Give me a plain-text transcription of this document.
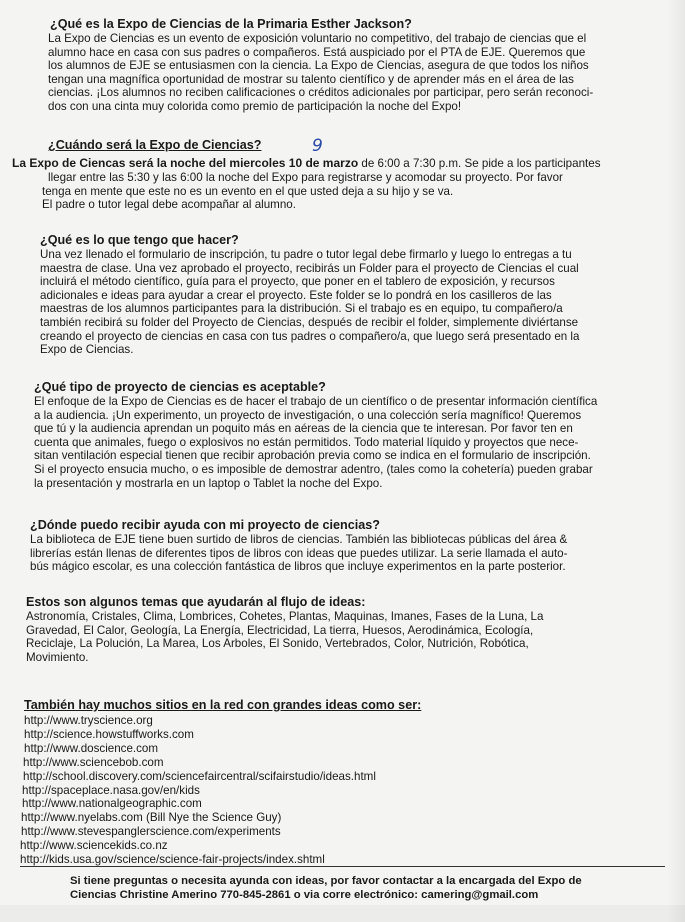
¿Qué es la Expo de Ciencias de la Primaria Esther Jackson?

La Expo de Ciencias es un evento de exposición voluntario no competitivo, del trabajo de ciencias que el

alumno hace en casa con sus padres o compañeros. Está auspiciado por el PTA de EJE. Queremos que

los alumnos de EJE se entusiasmen con la ciencia. La Expo de Ciencias, asegura de que todos los niños

tengan una magnífica oportunidad de mostrar su talento científico y de aprender más en el área de las

ciencias. ¡Los alumnos no reciben calificaciones o créditos adicionales por participar, pero serán reconoci-

dos con una cinta muy colorida como premio de participación la noche del Expo!

¿Cuándo será la Expo de Ciencias?	9
La Expo de Ciencas será la noche del miercoles 10 de marzo de 6:00 a 7:30 p.m. Se pide a los participantes

llegar entre las 5:30 y las 6:00 la noche del Expo para registrarse y acomodar su proyecto. Por favor

tenga en mente que este no es un evento en el que usted deja a su hijo y se va.

El padre o tutor legal debe acompañar al alumno.

¿Qué es lo que tengo que hacer?

Una vez llenado el formulario de inscripción, tu padre o tutor legal debe firmarlo y luego lo entregas a tu

maestra de clase. Una vez aprobado el proyecto, recibirás un Folder para el proyecto de Ciencias el cual

incluirá el método científico, guía para el proyecto, que poner en el tablero de exposición, y recursos

adicionales e ideas para ayudar a crear el proyecto. Este folder se lo pondrá en los casilleros de las

maestras de los alumnos participantes para la distribución. Si el trabajo es en equipo, tu compañero/a

también recibirá su folder del Proyecto de Ciencias, después de recibir el folder, simplemente diviértanse

creando el proyecto de ciencias en casa con tus padres o compañero/a, que luego será presentado en la

Expo de Ciencias.

¿Qué tipo de proyecto de ciencias es aceptable?

El enfoque de la Expo de Ciencias es de hacer el trabajo de un científico o de presentar información científica

a la audiencia. ¡Un experimento, un proyecto de investigación, o una colección sería magnífico! Queremos

que tú y la audiencia aprendan un poquito más en aéreas de la ciencia que te interesan. Por favor ten en

cuenta que animales, fuego o explosivos no están permitidos. Todo material líquido y proyectos que nece-

sitan ventilación especial tienen que recibir aprobación previa como se indica en el formulario de inscripción.

Si el proyecto ensucia mucho, o es imposible de demostrar adentro, (tales como la cohetería) pueden grabar

la presentación y mostrarla en un laptop o Tablet la noche del Expo.

¿Dónde puedo recibir ayuda con mi proyecto de ciencias?

La biblioteca de EJE tiene buen surtido de libros de ciencias. También las bibliotecas públicas del área &

librerías están llenas de diferentes tipos de libros con ideas que puedes utilizar. La serie llamada el auto-

bús mágico escolar, es una colección fantástica de libros que incluye experimentos en la parte posterior.

Estos son algunos temas que ayudarán al flujo de ideas:

Astronomía, Cristales, Clima, Lombrices, Cohetes, Plantas, Maquinas, Imanes, Fases de la Luna, La

Gravedad, El Calor, Geología, La Energía, Electricidad, La tierra, Huesos, Aerodinámica, Ecología,

Reciclaje, La Polución, La Marea, Los Arboles, El Sonido, Vertebrados, Color, Nutrición, Robótica,

Movimiento.

También hay muchos sitios en la red con grandes ideas como ser:

http://www.tryscience.org
http://science.howstuffworks.com
http://www.doscience.com
http://www.sciencebob.com
http://school.discovery.com/sciencefaircentral/scifairstudio/ideas.html
http://spaceplace.nasa.gov/en/kids
http://www.nationalgeographic.com
http://www.nyelabs.com (Bill Nye the Science Guy)
http://www.stevespanglerscience.com/experiments
http://www.sciencekids.co.nz
http://kids.usa.gov/science/science-fair-projects/index.shtml
Si tiene preguntas o necesita ayunda con ideas, por favor contactar a la encargada del Expo de
Ciencias Christine Amerino 770-845-2861 o via corre electrónico: camering@gmail.com
